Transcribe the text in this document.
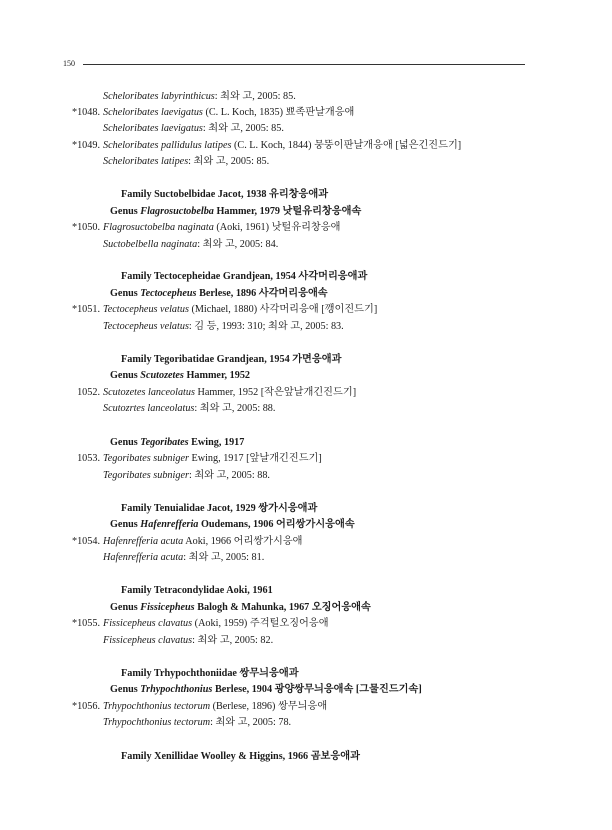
150
Scheloribates labyrinthicus: 최와 고, 2005: 85.
*1048. Scheloribates laevigatus (C. L. Koch, 1835) 뾰족판날개응애
Scheloribates laevigatus: 최와 고, 2005: 85.
*1049. Scheloribates pallidulus latipes (C. L. Koch, 1844) 뭉뚱이판날개응애 [넓은긴진드기]
Scheloribates latipes: 최와 고, 2005: 85.
Family Suctobelbidae Jacot, 1938 유리창응애과
Genus Flagrosuctobelba Hammer, 1979 낫털유리창응애속
*1050. Flagrosuctobelba naginata (Aoki, 1961) 낫털유리창응애
Suctobelbella naginata: 최와 고, 2005: 84.
Family Tectocepheidae Grandjean, 1954 사각머리응애과
Genus Tectocepheus Berlese, 1896 사각머리응애속
*1051. Tectocepheus velatus (Michael, 1880) 사각머리응애 [깽이진드기]
Tectocepheus velatus: 김 등, 1993: 310; 최와 고, 2005: 83.
Family Tegoribatidae Grandjean, 1954 가면응애과
Genus Scutozetes Hammer, 1952
1052. Scutozetes lanceolatus Hammer, 1952 [작은앞날개긴진드기]
Scutozrtes lanceolatus: 최와 고, 2005: 88.
Genus Tegoribates Ewing, 1917
1053. Tegoribates subniger Ewing, 1917 [앞날개긴진드기]
Tegoribates subniger: 최와 고, 2005: 88.
Family Tenuialidae Jacot, 1929 쌍가시응애과
Genus Hafenrefferia Oudemans, 1906 어리쌍가시응애속
*1054. Hafenrefferia acuta Aoki, 1966 어리쌍가시응애
Hafenrefferia acuta: 최와 고, 2005: 81.
Family Tetracondylidae Aoki, 1961
Genus Fissicepheus Balogh & Mahunka, 1967 오징어응애속
*1055. Fissicepheus clavatus (Aoki, 1959) 주걱털오징어응애
Fissicepheus clavatus: 최와 고, 2005: 82.
Family Trhypochthoniidae 쌍무늬응애과
Genus Trhypochthonius Berlese, 1904 광양쌍무늬응애속 [그물진드기속]
*1056. Trhypochthonius tectorum (Berlese, 1896) 쌍무늬응애
Trhypochthonius tectorum: 최와 고, 2005: 78.
Family Xenillidae Woolley & Higgins, 1966 곰보응애과
